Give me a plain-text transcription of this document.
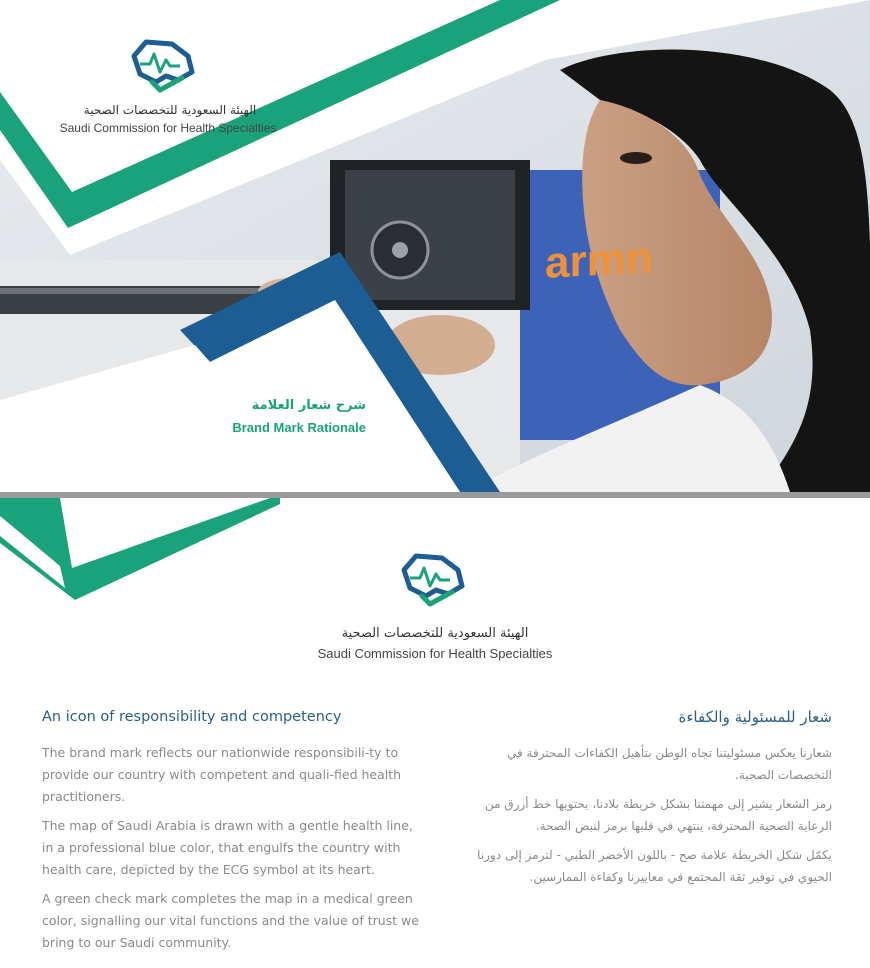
الهيئة السعودية للتخصصات الصحية
Saudi Commission for Health Specialties
armn
شرح شعار العلامة
Brand Mark Rationale
الهيئة السعودية للتخصصات الصحية
Saudi Commission for Health Specialties
An icon of responsibility and competency	شعار للمسئولية والكفاءة

The brand mark reflects our nationwide responsibili-ty to provide our country with competent and quali-fied health practitioners.

The map of Saudi Arabia is drawn with a gentle health line, in a professional blue color, that engulfs the country with health care, depicted by the ECG symbol at its heart.

A green check mark completes the map in a medical green color, signalling our vital functions and the value of trust we bring to our Saudi community.

شعارنا يعكس مسئوليتنا تجاه الوطن بتأهيل الكفاءات المحترفة في التخصصات الصحية.

رمز الشعار يشير إلى مهمتنا بشكل خريطة بلادنا، يحتويها خط أزرق من الرعاية الصحية المحترفة، ينتهي في قلبها برمز لنبض الصحة.

يكمّل شكل الخريطة علامة صح - باللون الأخضر الطبي - لترمز إلى دورنا الحيوي في توفير ثقة المجتمع في معاييرنا وكفاءة الممارسين.
